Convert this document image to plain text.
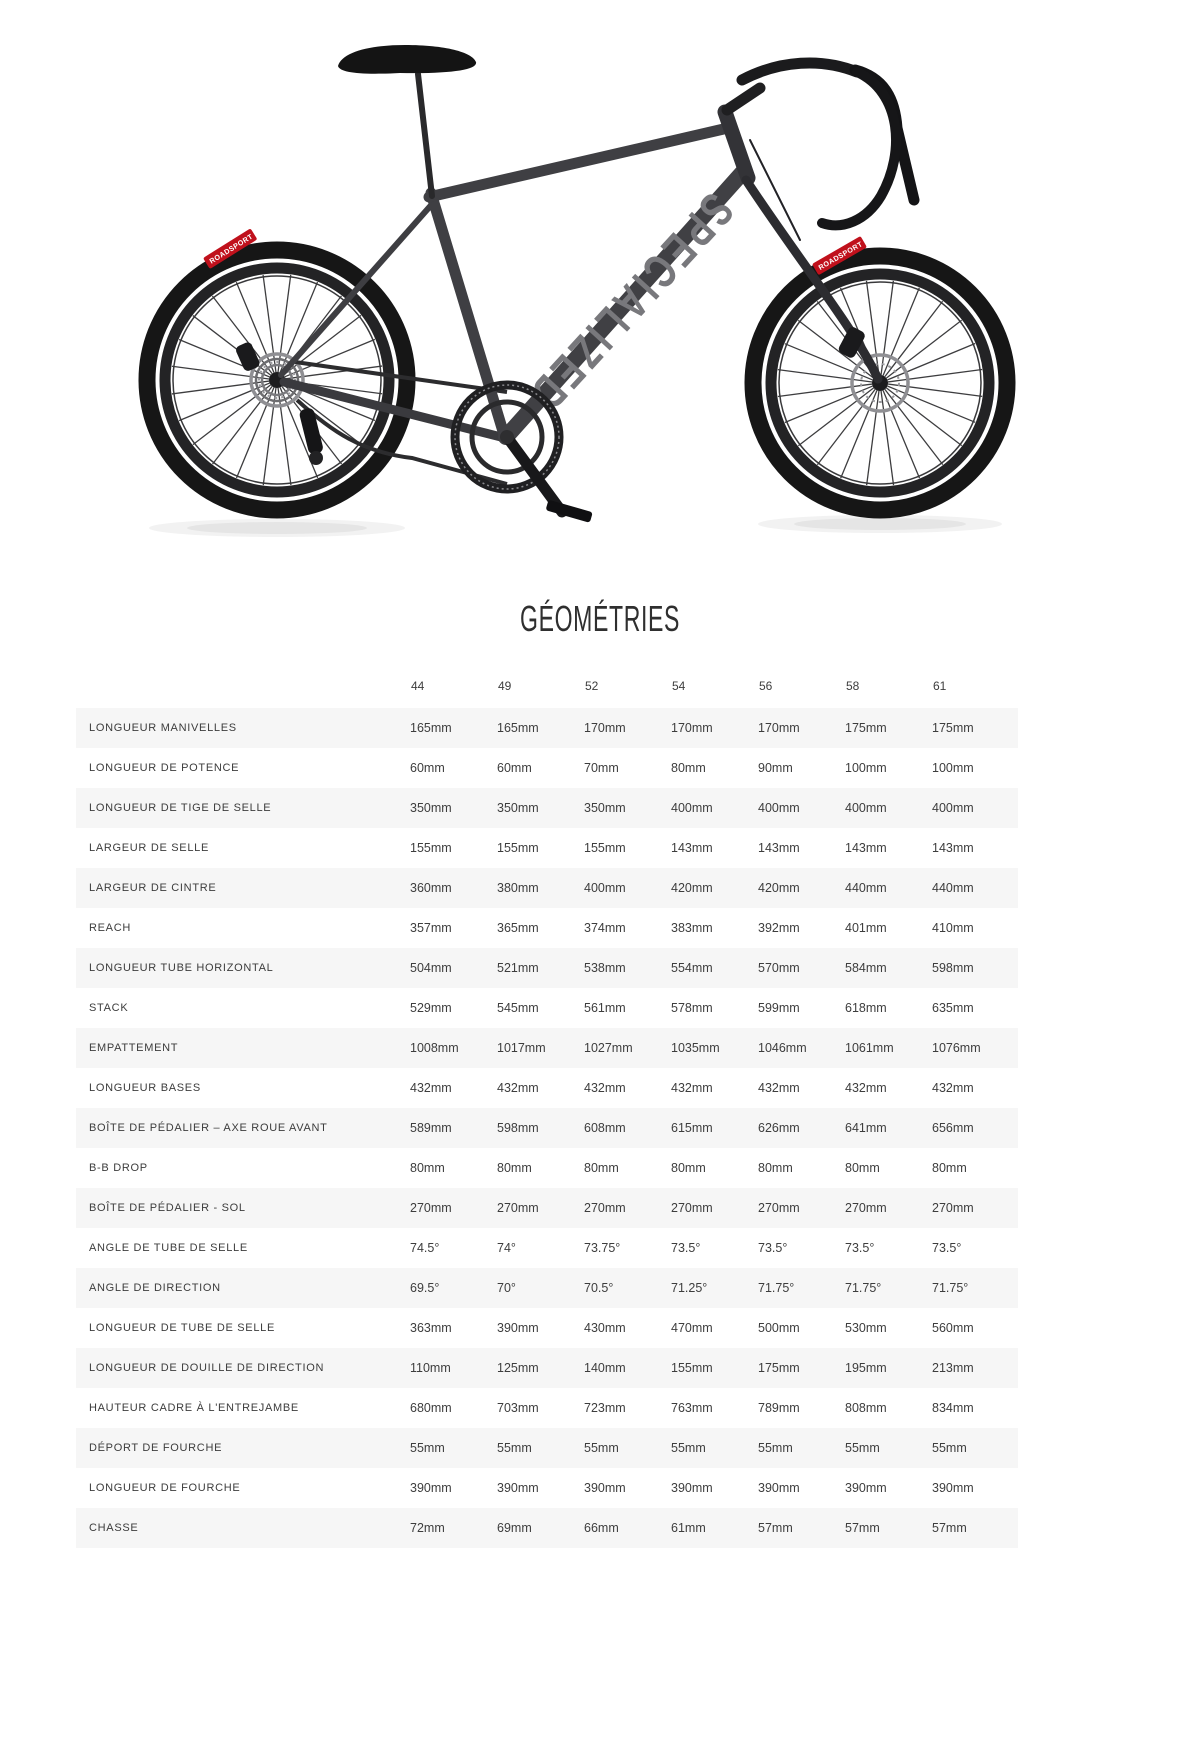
ROADSPORT	ROADSPORT
SPECIALIZED
GÉOMÉTRIES
44	49	52	54	56	58	61
LONGUEUR MANIVELLES	165mm	165mm	170mm	170mm	170mm	175mm	175mm
LONGUEUR DE POTENCE	60mm	60mm	70mm	80mm	90mm	100mm	100mm
LONGUEUR DE TIGE DE SELLE	350mm	350mm	350mm	400mm	400mm	400mm	400mm
LARGEUR DE SELLE	155mm	155mm	155mm	143mm	143mm	143mm	143mm
LARGEUR DE CINTRE	360mm	380mm	400mm	420mm	420mm	440mm	440mm
REACH	357mm	365mm	374mm	383mm	392mm	401mm	410mm
LONGUEUR TUBE HORIZONTAL	504mm	521mm	538mm	554mm	570mm	584mm	598mm
STACK	529mm	545mm	561mm	578mm	599mm	618mm	635mm
EMPATTEMENT	1008mm	1017mm	1027mm	1035mm	1046mm	1061mm	1076mm
LONGUEUR BASES	432mm	432mm	432mm	432mm	432mm	432mm	432mm
BOÎTE DE PÉDALIER – AXE ROUE AVANT	589mm	598mm	608mm	615mm	626mm	641mm	656mm
B-B DROP	80mm	80mm	80mm	80mm	80mm	80mm	80mm
BOÎTE DE PÉDALIER - SOL	270mm	270mm	270mm	270mm	270mm	270mm	270mm
ANGLE DE TUBE DE SELLE	74.5°	74°	73.75°	73.5°	73.5°	73.5°	73.5°
ANGLE DE DIRECTION	69.5°	70°	70.5°	71.25°	71.75°	71.75°	71.75°
LONGUEUR DE TUBE DE SELLE	363mm	390mm	430mm	470mm	500mm	530mm	560mm
LONGUEUR DE DOUILLE DE DIRECTION	110mm	125mm	140mm	155mm	175mm	195mm	213mm
HAUTEUR CADRE À L'ENTREJAMBE	680mm	703mm	723mm	763mm	789mm	808mm	834mm
DÉPORT DE FOURCHE	55mm	55mm	55mm	55mm	55mm	55mm	55mm
LONGUEUR DE FOURCHE	390mm	390mm	390mm	390mm	390mm	390mm	390mm
CHASSE	72mm	69mm	66mm	61mm	57mm	57mm	57mm
